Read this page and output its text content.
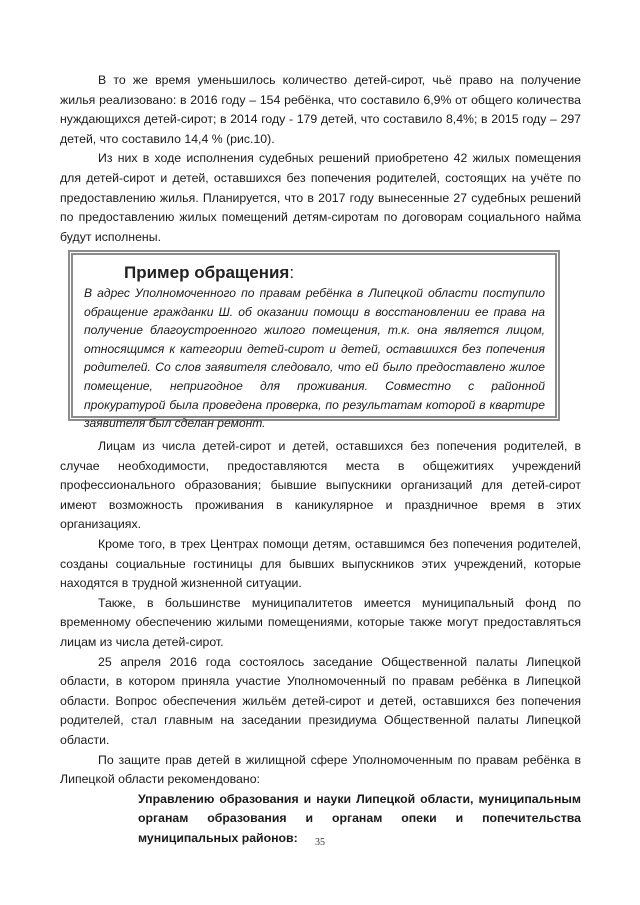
В то же время уменьшилось количество детей-сирот, чьё право на получение жилья реализовано: в 2016 году – 154 ребёнка, что составило 6,9% от общего количества нуждающихся детей-сирот; в 2014 году - 179 детей, что составило 8,4%; в 2015 году – 297 детей, что составило 14,4 % (рис.10).

Из них в ходе исполнения судебных решений приобретено 42 жилых помещения для детей-сирот и детей, оставшихся без попечения родителей, состоящих на учёте по предоставлению жилья. Планируется, что в 2017 году вынесенные 27 судебных решений по предоставлению жилых помещений детям-сиротам по договорам социального найма будут исполнены.

Пример обращения:

В адрес Уполномоченного по правам ребёнка в Липецкой области поступило обращение гражданки Ш. об оказании помощи в восстановлении ее права на получение благоустроенного жилого помещения, т.к. она является лицом, относящимся к категории детей-сирот и детей, оставшихся без попечения родителей. Со слов заявителя следовало, что ей было предоставлено жилое помещение, непригодное для проживания. Совместно с районной прокуратурой была проведена проверка, по результатам которой в квартире заявителя был сделан ремонт.

Лицам из числа детей-сирот и детей, оставшихся без попечения родителей, в случае необходимости, предоставляются места в общежитиях учреждений профессионального образования; бывшие выпускники организаций для детей-сирот имеют возможность проживания в каникулярное и праздничное время в этих организациях.

Кроме того, в трех Центрах помощи детям, оставшимся без попечения родителей, созданы социальные гостиницы для бывших выпускников этих учреждений, которые находятся в трудной жизненной ситуации.

Также, в большинстве муниципалитетов имеется муниципальный фонд по временному обеспечению жилыми помещениями, которые также могут предоставляться лицам из числа детей-сирот.

25 апреля 2016 года состоялось заседание Общественной палаты Липецкой области, в котором приняла участие Уполномоченный по правам ребёнка в Липецкой области. Вопрос обеспечения жильём детей-сирот и детей, оставшихся без попечения родителей, стал главным на заседании президиума Общественной палаты Липецкой области.

По защите прав детей в жилищной сфере Уполномоченным по правам ребёнка в Липецкой области рекомендовано:

Управлению образования и науки Липецкой области, муниципальным органам образования и органам опеки и попечительства муниципальных районов:	35
